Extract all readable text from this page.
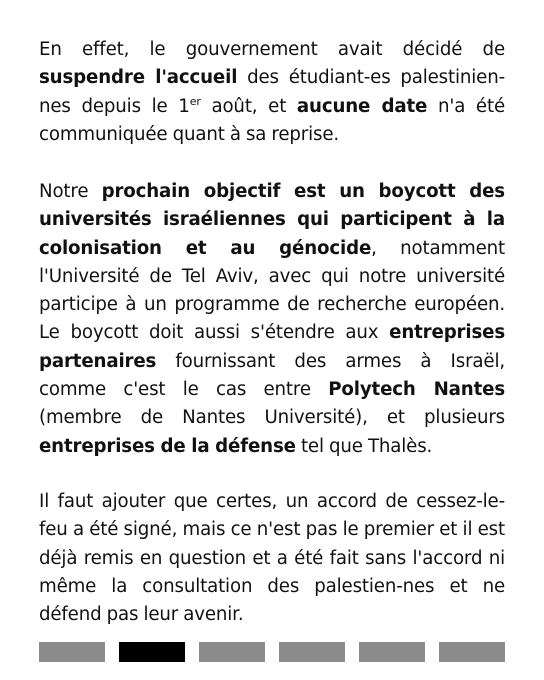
En effet, le gouvernement avait décidé de suspendre l'accueil des étudiant-es palestinien-nes depuis le 1er août, et aucune date n'a été communiquée quant à sa reprise.

Notre prochain objectif est un boycott des universités israéliennes qui participent à la colonisation et au génocide, notamment l'Université de Tel Aviv, avec qui notre université participe à un programme de recherche européen. Le boycott doit aussi s'étendre aux entreprises partenaires fournissant des armes à Israël, comme c'est le cas entre Polytech Nantes (membre de Nantes Université), et plusieurs entreprises de la défense tel que Thalès.

Il faut ajouter que certes, un accord de cessez-le-feu a été signé, mais ce n'est pas le premier et il est déjà remis en question et a été fait sans l'accord ni même la consultation des palestien-nes et ne défend pas leur avenir.
